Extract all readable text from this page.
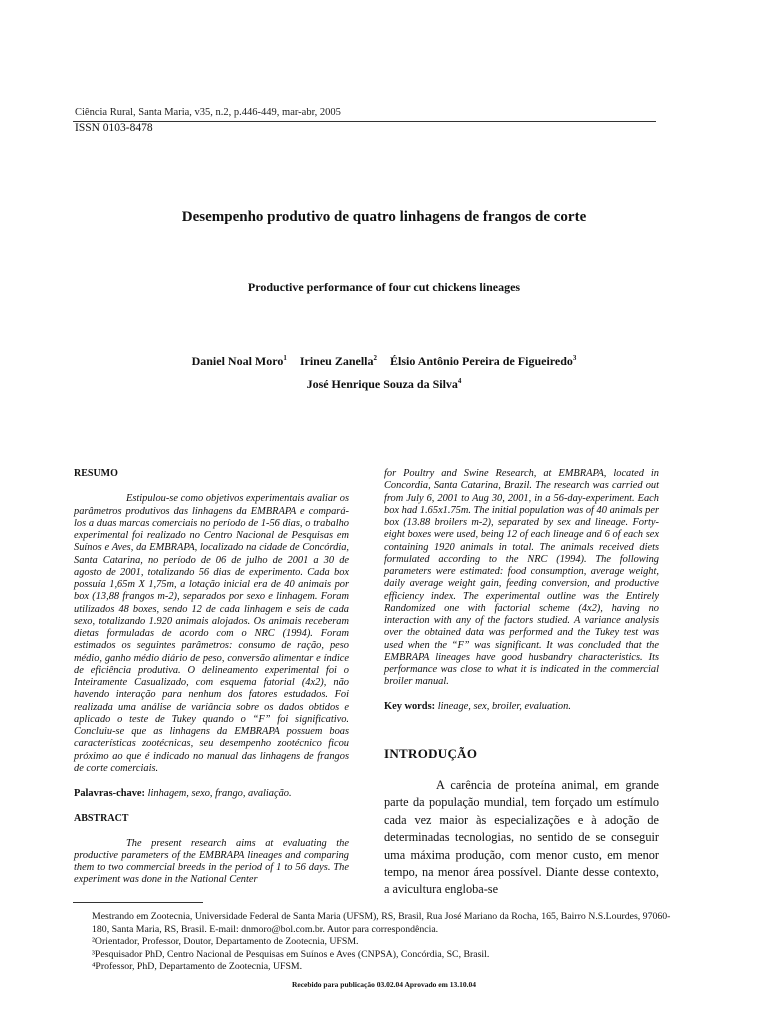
Ciência Rural, Santa Maria, v35, n.2, p.446-449, mar-abr, 2005
ISSN 0103-8478
Desempenho produtivo de quatro linhagens de frangos de corte
Productive performance of four cut chickens lineages
Daniel Noal Moro$^1$ Irineu Zanella$^2$ Élsio Antônio Pereira de Figueiredo$^3$
José Henrique Souza da Silva$^4$
RESUMO
Estipulou-se como objetivos experimentais avaliar os parâmetros produtivos das linhagens da EMBRAPA e compará-los a duas marcas comerciais no período de 1-56 dias, o trabalho experimental foi realizado no Centro Nacional de Pesquisas em Suínos e Aves, da EMBRAPA, localizado na cidade de Concórdia, Santa Catarina, no período de 06 de julho de 2001 a 30 de agosto de 2001, totalizando 56 dias de experimento. Cada box possuía 1,65m X 1,75m, a lotação inicial era de 40 animais por box (13,88 frangos m-2), separados por sexo e linhagem. Foram utilizados 48 boxes, sendo 12 de cada linhagem e seis de cada sexo, totalizando 1.920 animais alojados. Os animais receberam dietas formuladas de acordo com o NRC (1994). Foram estimados os seguintes parâmetros: consumo de ração, peso médio, ganho médio diário de peso, conversão alimentar e índice de eficiência produtiva. O delineamento experimental foi o Inteiramente Casualizado, com esquema fatorial (4x2), não havendo interação para nenhum dos fatores estudados. Foi realizada uma análise de variância sobre os dados obtidos e aplicado o teste de Tukey quando o “F” foi significativo. Concluiu-se que as linhagens da EMBRAPA possuem boas características zootécnicas, seu desempenho zootécnico ficou próximo ao que é indicado no manual das linhagens de frangos de corte comerciais.
Palavras-chave: linhagem, sexo, frango, avaliação.
ABSTRACT
The present research aims at evaluating the productive parameters of the EMBRAPA lineages and comparing them to two commercial breeds in the period of 1 to 56 days. The experiment was done in the National Center
for Poultry and Swine Research, at EMBRAPA, located in Concordia, Santa Catarina, Brazil. The research was carried out from July 6, 2001 to Aug 30, 2001, in a 56-day-experiment. Each box had 1.65x1.75m. The initial population was of 40 animals per box (13.88 broilers m-2), separated by sex and lineage. Forty-eight boxes were used, being 12 of each lineage and 6 of each sex containing 1920 animals in total. The animals received diets formulated according to the NRC (1994). The following parameters were estimated: food consumption, average weight, daily average weight gain, feeding conversion, and productive efficiency index. The experimental outline was the Entirely Randomized one with factorial scheme (4x2), having no interaction with any of the factors studied. A variance analysis over the obtained data was performed and the Tukey test was used when the “F” was significant. It was concluded that the EMBRAPA lineages have good husbandry characteristics. Its performance was close to what it is indicated in the commercial broiler manual.
Key words: lineage, sex, broiler, evaluation.
INTRODUÇÃO
A carência de proteína animal, em grande parte da população mundial, tem forçado um estímulo cada vez maior às especializações e à adoção de determinadas tecnologias, no sentido de se conseguir uma máxima produção, com menor custo, em menor tempo, na menor área possível. Diante desse contexto, a avicultura engloba-se
Mestrando em Zootecnia, Universidade Federal de Santa Maria (UFSM), RS, Brasil, Rua José Mariano da Rocha, 165, Bairro N.S.Lourdes, 97060-180, Santa Maria, RS, Brasil. E-mail: dnmoro@bol.com.br. Autor para correspondência.
²Orientador, Professor, Doutor, Departamento de Zootecnia, UFSM.
³Pesquisador PhD, Centro Nacional de Pesquisas em Suínos e Aves (CNPSA), Concórdia, SC, Brasil.
⁴Professor, PhD, Departamento de Zootecnia, UFSM.
Recebido para publicação 03.02.04 Aprovado em 13.10.04
